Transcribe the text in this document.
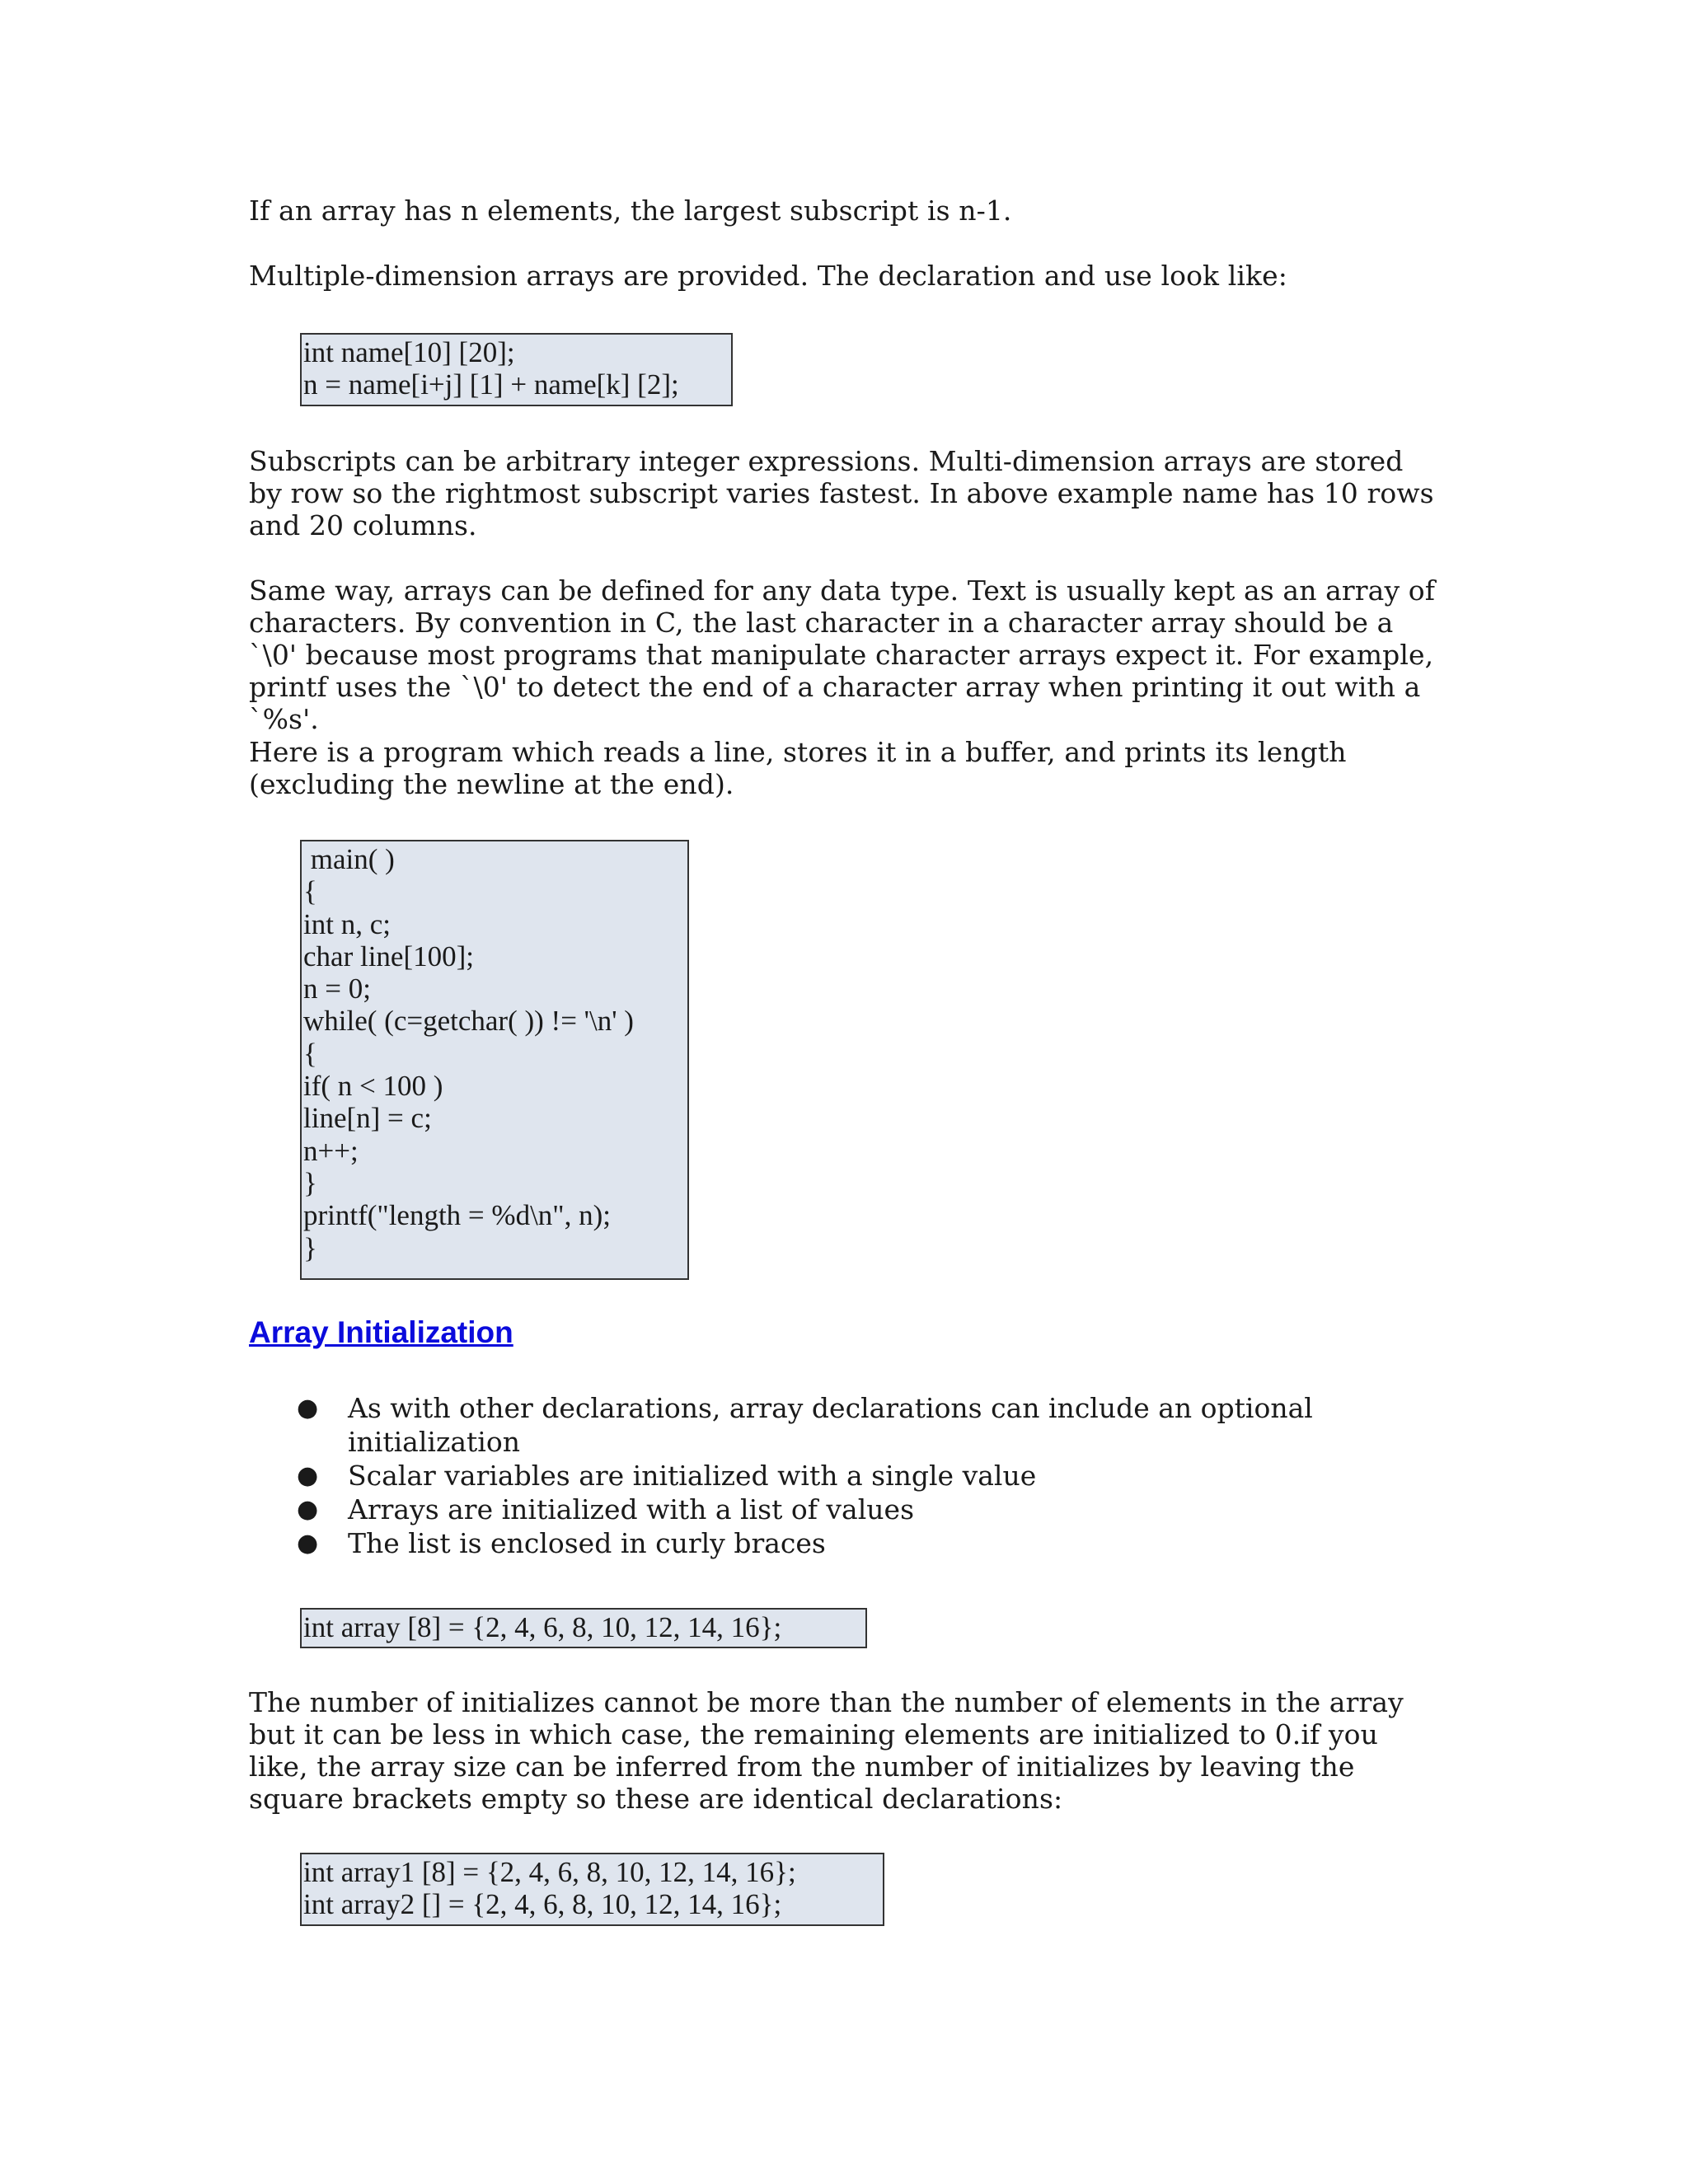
If an array has n elements, the largest subscript is n-1.

Multiple-dimension arrays are provided. The declaration and use look like:

int name[10] [20];
n = name[i+j] [1] + name[k] [2];

Subscripts can be arbitrary integer expressions. Multi-dimension arrays are stored by row so the rightmost subscript varies fastest. In above example name has 10 rows and 20 columns.

Same way, arrays can be defined for any data type. Text is usually kept as an array of characters. By convention in C, the last character in a character array should be a `\0' because most programs that manipulate character arrays expect it. For example, printf uses the `\0' to detect the end of a character array when printing it out with a `%s'.

Here is a program which reads a line, stores it in a buffer, and prints its length (excluding the newline at the end).

main( )
{
int n, c;
char line[100];
n = 0;
while( (c=getchar( )) != '\n' )
{
if( n < 100 )
line[n] = c;
n++;
}
printf("length = %d\n", n);
}
Array Initialization
● As with other declarations, array declarations can include an optional initialization
● Scalar variables are initialized with a single value
● Arrays are initialized with a list of values
● The list is enclosed in curly braces
int array [8] = {2, 4, 6, 8, 10, 12, 14, 16};

The number of initializes cannot be more than the number of elements in the array but it can be less in which case, the remaining elements are initialized to 0.if you like, the array size can be inferred from the number of initializes by leaving the square brackets empty so these are identical declarations:

int array1 [8] = {2, 4, 6, 8, 10, 12, 14, 16};
int array2 [] = {2, 4, 6, 8, 10, 12, 14, 16};
